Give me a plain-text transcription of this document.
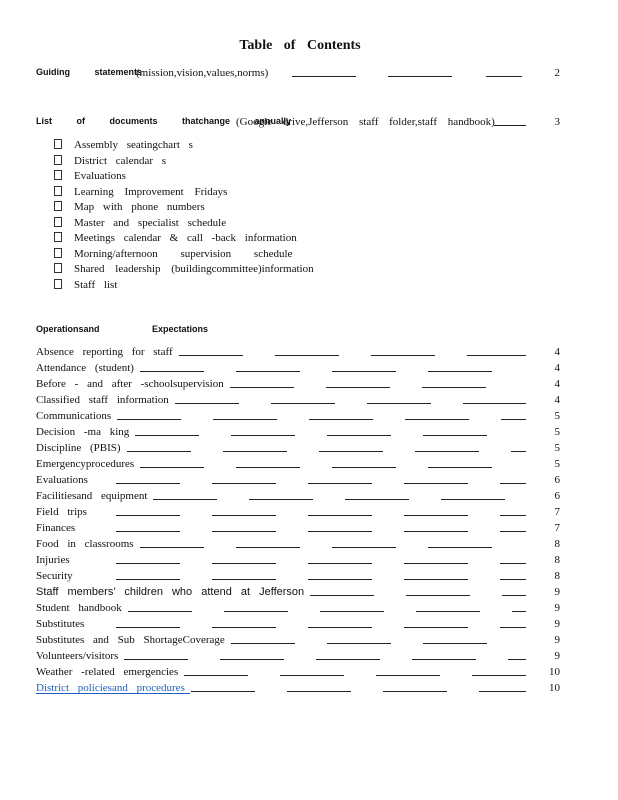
Table of Contents
Guiding statements
(mission,vision,values,norms)	2
List of documents thatchange annually
(Google drive,Jefferson staff folder,staff handbook)	3
Assembly seatingchart s
District calendar s
Evaluations
Learning Improvement Fridays
Map with phone numbers
Master and specialist schedule
Meetings calendar & call -back information
Morning/afternoon supervision schedule
Shared leadership (buildingcommittee)information
Staff list
Operationsand Expectations
Absence reporting for staff	4
Attendance (student)	4
Before - and after -schoolsupervision	4
Classified staff information	4
Communications	5
Decision -ma king	5
Discipline (PBIS)	5
Emergencyprocedures	5
Evaluations	6
Facilitiesand equipment	6
Field trips	7
Finances	7
Food in classrooms	8
Injuries	8
Security	8
Staff members’ children who attend at Jefferson	9
Student handbook	9
Substitutes	9
Substitutes and Sub ShortageCoverage	9
Volunteers/visitors	9
Weather -related emergencies	10
District policiesand procedures	10
